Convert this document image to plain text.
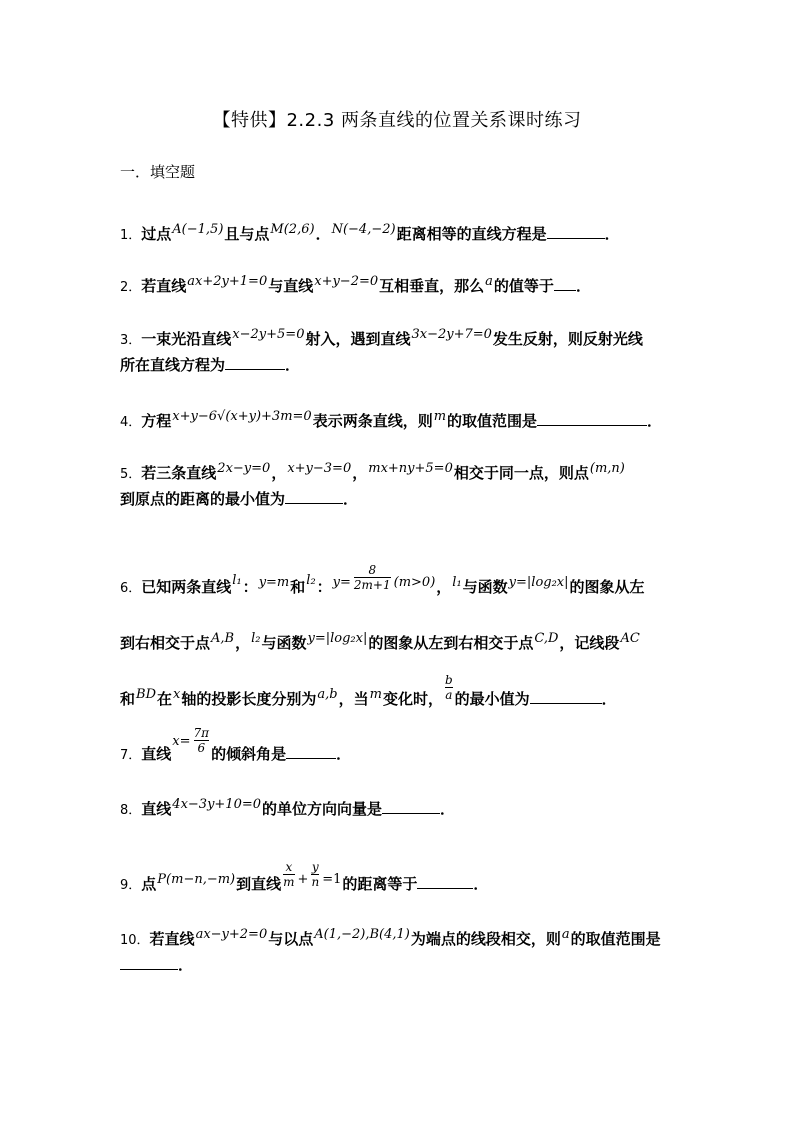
【特供】2.2.3 两条直线的位置关系课时练习
一．填空题
1．过点A(−1,5)且与点M(2,6)．N(−4,−2)距离相等的直线方程是	．
2．若直线ax+2y+1=0与直线x+y−2=0互相垂直，那么a的值等于 ．
3．一束光沿直线x−2y+5=0射入，遇到直线3x−2y+7=0发生反射，则反射光线
所在直线方程为	．
4．方程x+y−6√(x+y)+3m=0表示两条直线，则m的取值范围是	．
5．若三条直线2x−y=0，x+y−3=0，mx+ny+5=0相交于同一点，则点(m,n)
到原点的距离的最小值为	．
6．已知两条直线l₁：y=m和l₂：$y= \frac{8}{2m+1} (m>0)$，l₁与函数y=|log₂x|的图象从左
到右相交于点A,B，l₂与函数y=|log₂x|的图象从左到右相交于点C,D，记线段AC
和BD在x轴的投影长度分别为a,b，当m变化时， $\frac{b}{a}$ 的最小值为	．
7．直线$x= \frac{7\pi}{6}$ 的倾斜角是	．
8．直线4x−3y+10=0的单位方向向量是	．
9．点P(m−n,−m)到直线 $\frac{x}{m} + \frac{y}{n} =1$的距离等于	．
10．若直线ax−y+2=0与以点A(1,−2),B(4,1)为端点的线段相交，则a的取值范围是
．
